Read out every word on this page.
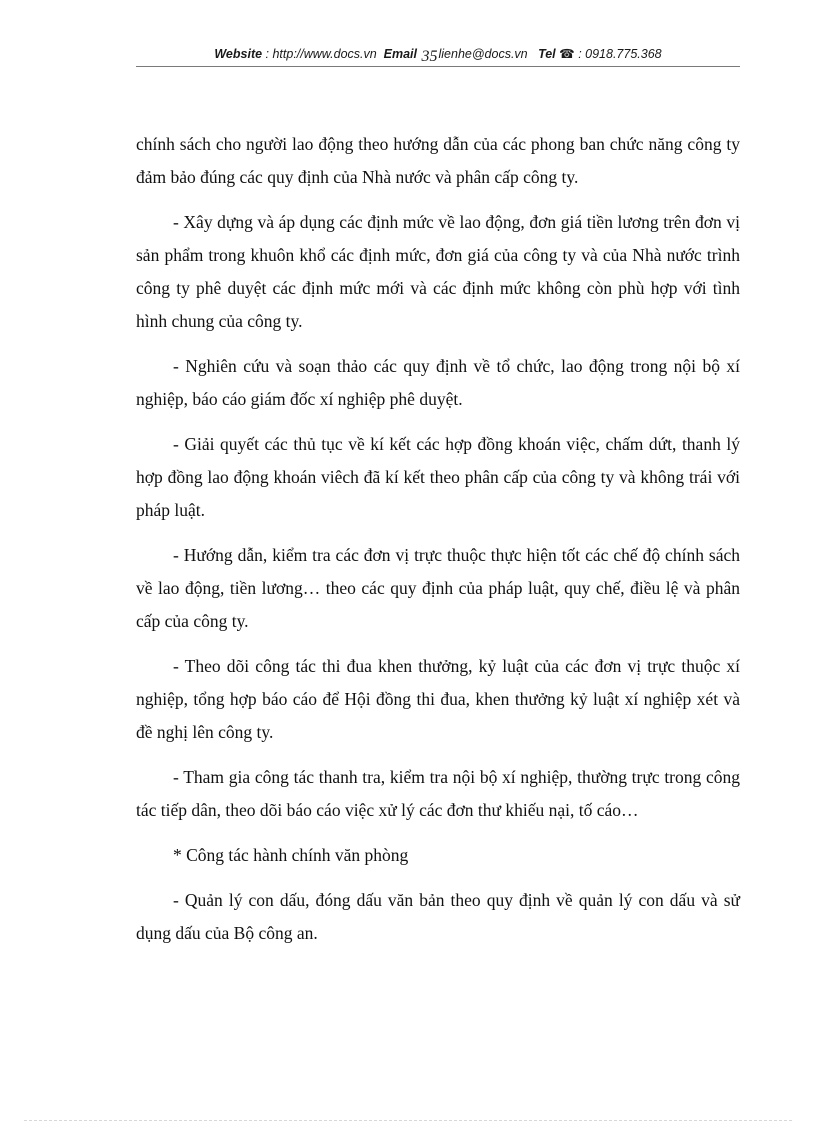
Website : http://www.docs.vn Email 35lienhe@docs.vn Tel ☎ : 0918.775.368

chính sách cho người lao động theo hướng dẫn của các phong ban chức năng công ty đảm bảo đúng các quy định của Nhà nước và phân cấp công ty.

- Xây dựng và áp dụng các định mức về lao động, đơn giá tiền lương trên đơn vị sản phẩm trong khuôn khổ các định mức, đơn giá của công ty và của Nhà nước trình công ty phê duyệt các định mức mới và các định mức không còn phù hợp với tình hình chung của công ty.

- Nghiên cứu và soạn thảo các quy định về tổ chức, lao động trong nội bộ xí nghiệp, báo cáo giám đốc xí nghiệp phê duyệt.

- Giải quyết các thủ tục về kí kết các hợp đồng khoán việc, chấm dứt, thanh lý hợp đồng lao động khoán viêch đã kí kết theo phân cấp của công ty và không trái với pháp luật.

- Hướng dẫn, kiểm tra các đơn vị trực thuộc thực hiện tốt các chế độ chính sách về lao động, tiền lương… theo các quy định của pháp luật, quy chế, điều lệ và phân cấp của công ty.

- Theo dõi công tác thi đua khen thưởng, kỷ luật của các đơn vị trực thuộc xí nghiệp, tổng hợp báo cáo để Hội đồng thi đua, khen thưởng kỷ luật xí nghiệp xét và đề nghị lên công ty.

- Tham gia công tác thanh tra, kiểm tra nội bộ xí nghiệp, thường trực trong công tác tiếp dân, theo dõi báo cáo việc xử lý các đơn thư khiếu nại, tố cáo…

* Công tác hành chính văn phòng

- Quản lý con dấu, đóng dấu văn bản theo quy định về quản lý con dấu và sử dụng dấu của Bộ công an.
